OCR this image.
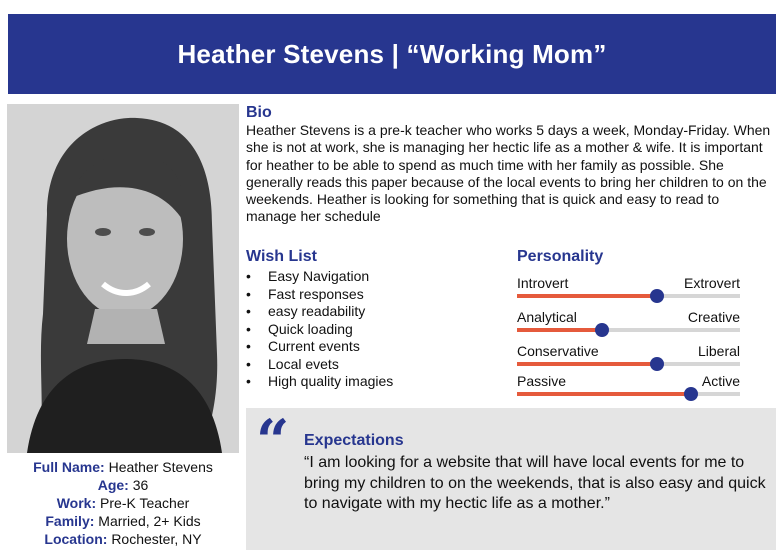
Heather Stevens | “Working Mom”
Full Name: Heather Stevens
Age: 36
Work: Pre-K Teacher
Family: Married, 2+ Kids
Location: Rochester, NY
Bio

Heather Stevens is a pre-k teacher who works 5 days a week, Monday-Friday. When she is not at work, she is managing her hectic life as a mother & wife. It is important for heather to be able to spend as much time with her family as possible. She generally reads this paper because of the local events to bring her children to on the weekends. Heather is looking for something that is quick and easy to read to manage her schedule

Wish List
• Easy Navigation
• Fast responses
• easy readability
• Quick loading
• Current events
• Local evets
• High quality imagies
Personality
Introvert	Extrovert
Analytical	Creative
Conservative	Liberal
Passive	Active
“ Expectations

“I am looking for a website that will have local events for me to bring my children to on the weekends, that is also easy and quick to navigate with my hectic life as a mother.”
